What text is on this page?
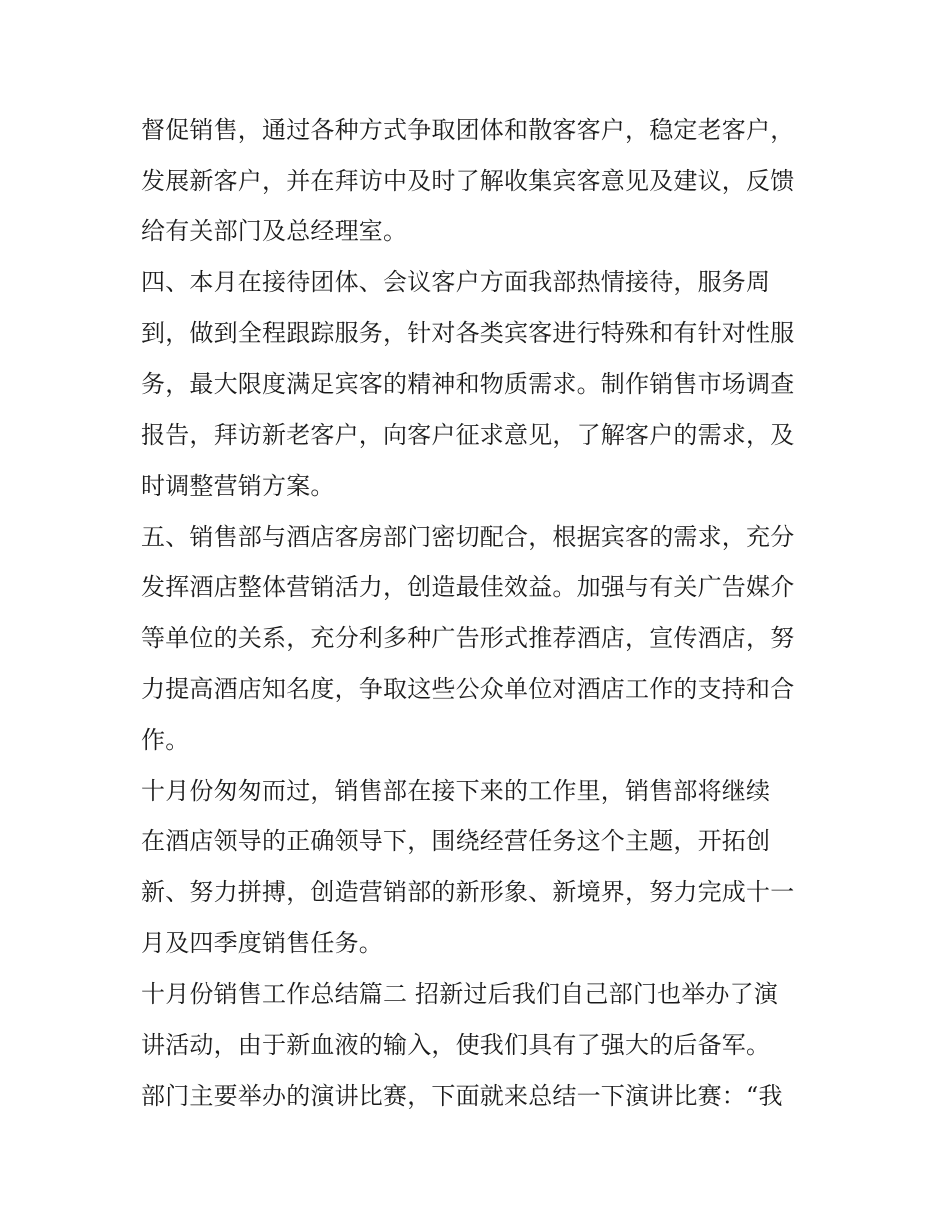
督促销售，通过各种方式争取团体和散客客户，稳定老客户，

发展新客户，并在拜访中及时了解收集宾客意见及建议，反馈

给有关部门及总经理室。

四、本月在接待团体、会议客户方面我部热情接待，服务周

到，做到全程跟踪服务，针对各类宾客进行特殊和有针对性服

务，最大限度满足宾客的精神和物质需求。制作销售市场调查

报告，拜访新老客户，向客户征求意见，了解客户的需求，及

时调整营销方案。

五、销售部与酒店客房部门密切配合，根据宾客的需求，充分

发挥酒店整体营销活力，创造最佳效益。加强与有关广告媒介

等单位的关系，充分利多种广告形式推荐酒店，宣传酒店，努

力提高酒店知名度，争取这些公众单位对酒店工作的支持和合

作。

十月份匆匆而过，销售部在接下来的工作里，销售部将继续

在酒店领导的正确领导下，围绕经营任务这个主题，开拓创

新、努力拼搏，创造营销部的新形象、新境界，努力完成十一

月及四季度销售任务。

十月份销售工作总结篇二 招新过后我们自己部门也举办了演

讲活动，由于新血液的输入，使我们具有了强大的后备军。

部门主要举办的演讲比赛，下面就来总结一下演讲比赛：“我
